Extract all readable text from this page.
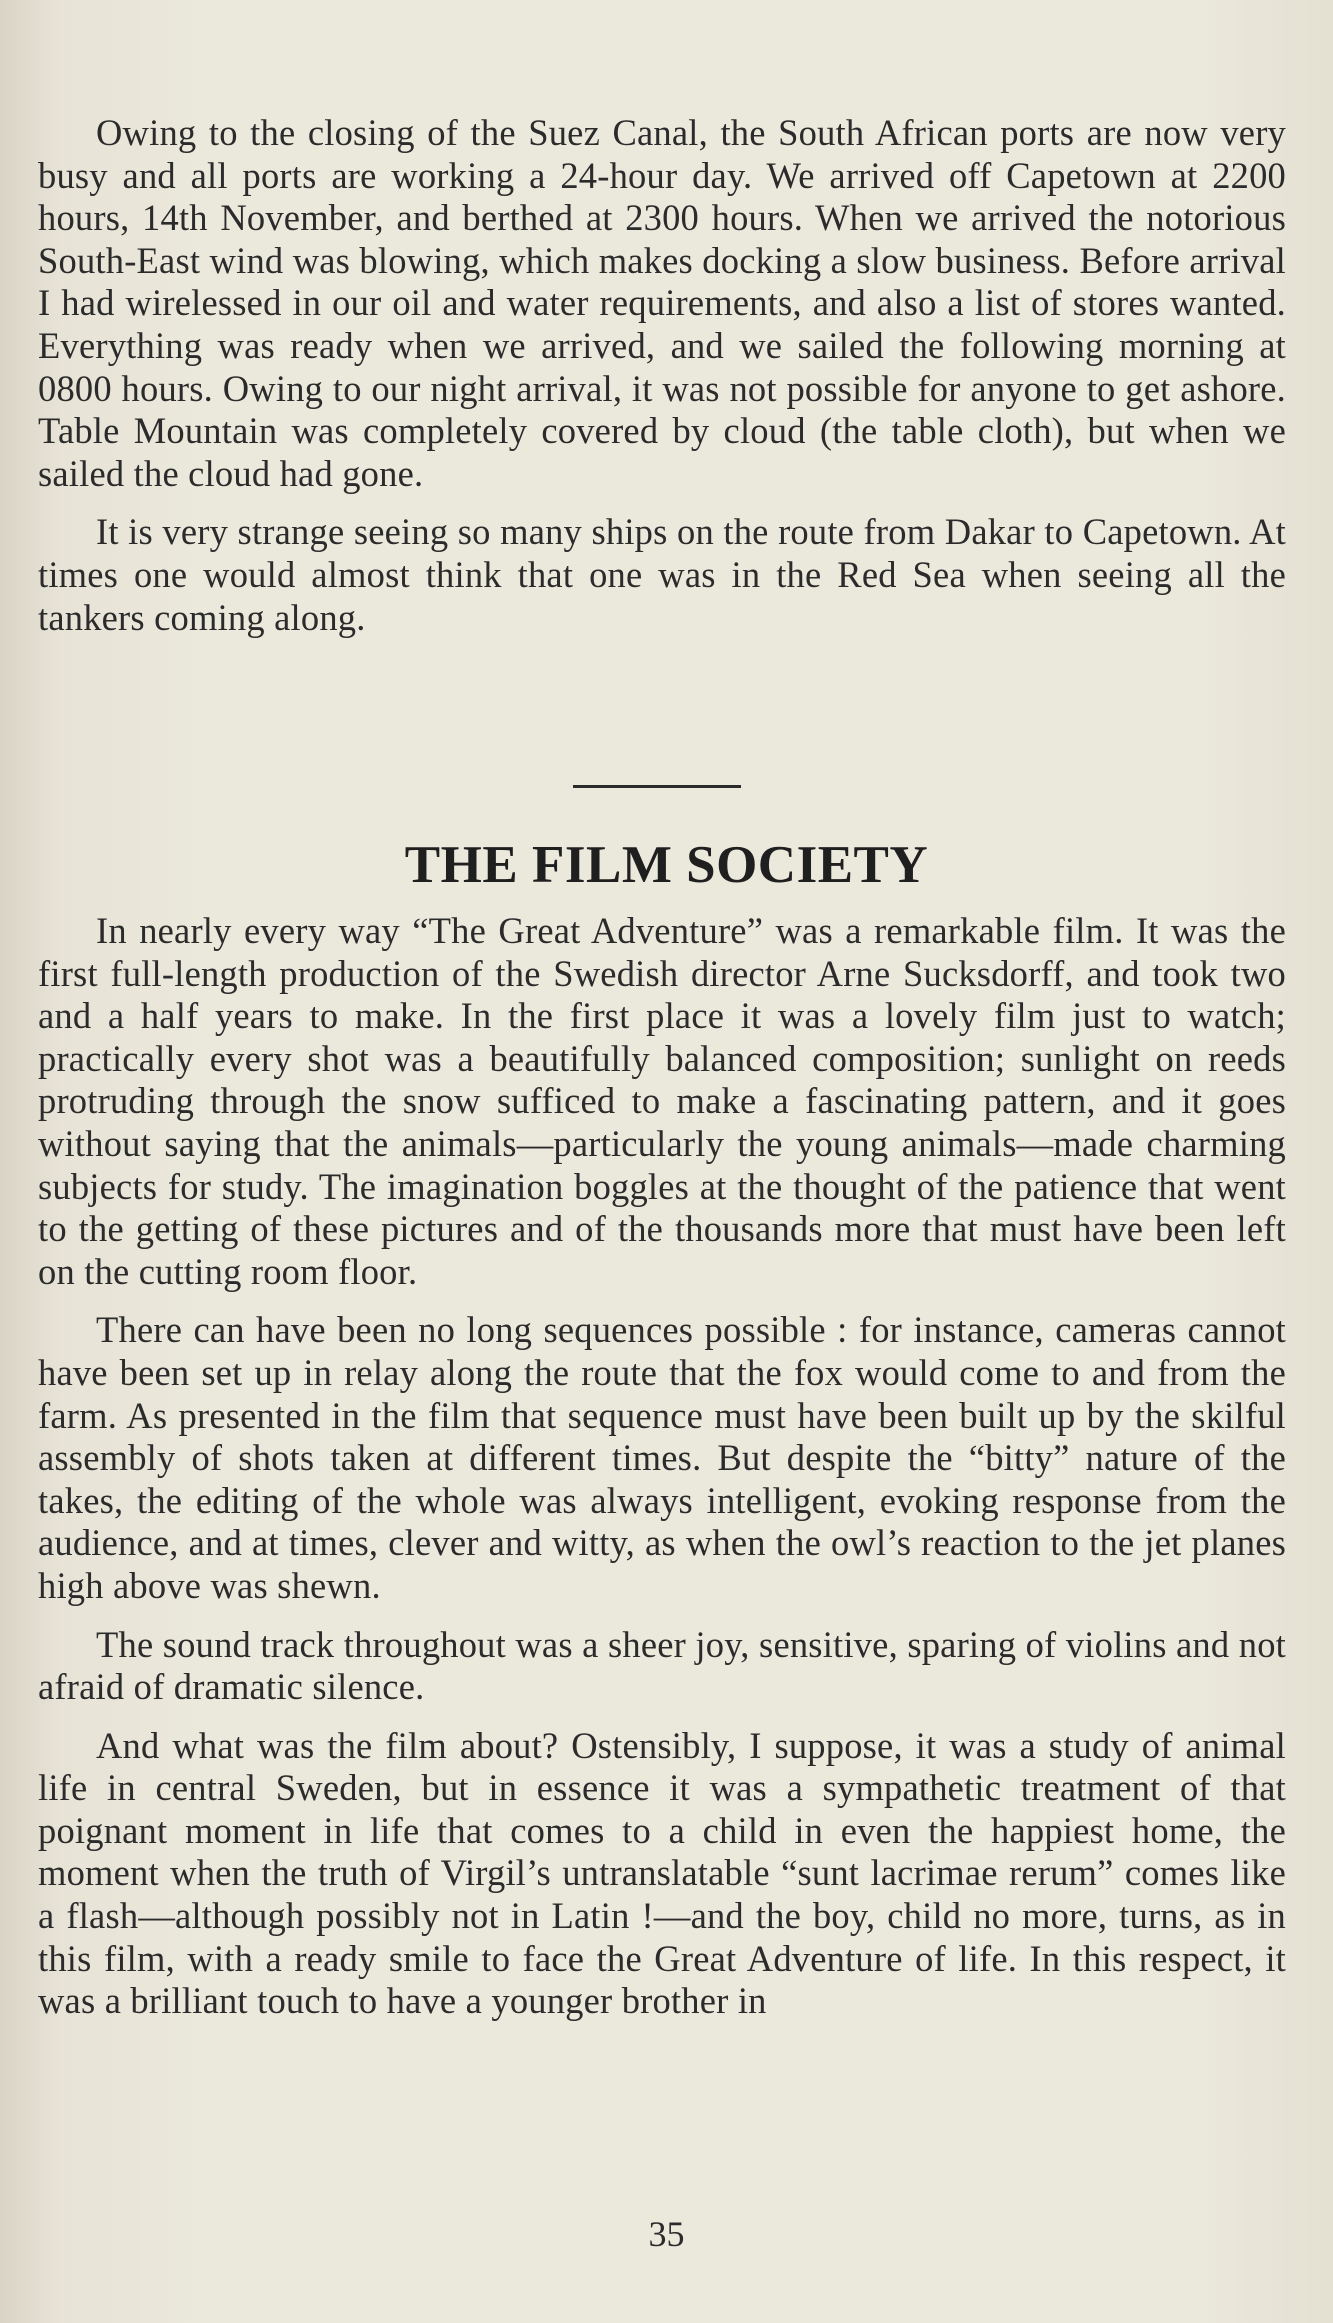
Owing to the closing of the Suez Canal, the South African ports are now very busy and all ports are working a 24-hour day. We arrived off Capetown at 2200 hours, 14th November, and berthed at 2300 hours. When we arrived the notorious South-East wind was blowing, which makes docking a slow business. Before arrival I had wirelessed in our oil and water requirements, and also a list of stores wanted. Everything was ready when we arrived, and we sailed the following morning at 0800 hours. Owing to our night arrival, it was not possible for anyone to get ashore. Table Mountain was completely covered by cloud (the table cloth), but when we sailed the cloud had gone.

It is very strange seeing so many ships on the route from Dakar to Capetown. At times one would almost think that one was in the Red Sea when seeing all the tankers coming along.

THE FILM SOCIETY

In nearly every way “The Great Adventure” was a remarkable film. It was the first full-length production of the Swedish director Arne Sucksdorff, and took two and a half years to make. In the first place it was a lovely film just to watch; practically every shot was a beautifully balanced composition; sunlight on reeds protruding through the snow sufficed to make a fascinating pattern, and it goes without saying that the animals—particularly the young animals—made charming subjects for study. The imagination boggles at the thought of the patience that went to the getting of these pictures and of the thousands more that must have been left on the cutting room floor.

There can have been no long sequences possible : for instance, cameras cannot have been set up in relay along the route that the fox would come to and from the farm. As presented in the film that sequence must have been built up by the skilful assembly of shots taken at different times. But despite the “bitty” nature of the takes, the editing of the whole was always intelligent, evoking response from the audience, and at times, clever and witty, as when the owl’s reaction to the jet planes high above was shewn.

The sound track throughout was a sheer joy, sensitive, sparing of violins and not afraid of dramatic silence.

And what was the film about? Ostensibly, I suppose, it was a study of animal life in central Sweden, but in essence it was a sympathetic treatment of that poignant moment in life that comes to a child in even the happiest home, the moment when the truth of Virgil’s untranslatable “sunt lacrimae rerum” comes like a flash—although possibly not in Latin !—and the boy, child no more, turns, as in this film, with a ready smile to face the Great Adventure of life. In this respect, it was a brilliant touch to have a younger brother in

35
